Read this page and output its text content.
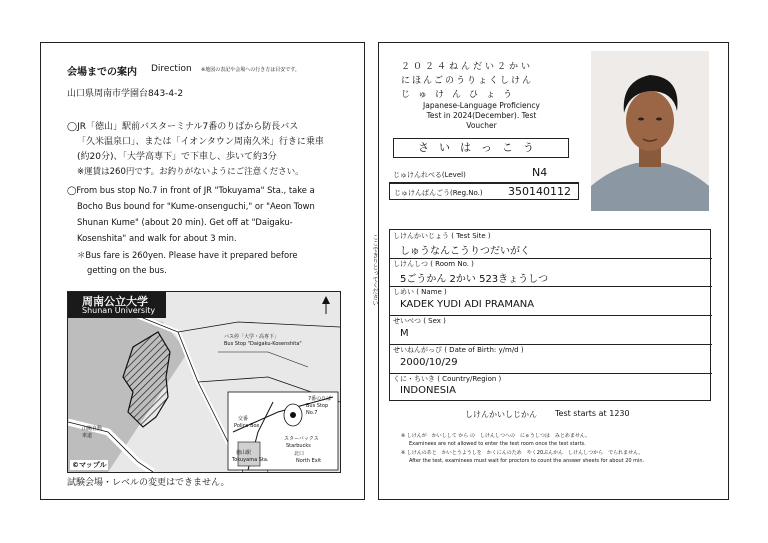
会場までの案内 Direction ※地図の表記や会場への行き方は目安です。
山口県周南市学園台843-4-2
◯JR「徳山」駅前バスターミナル7番のりばから防長バス
「久米温泉口」、または「イオンタウン周南久米」行きに乗車
(約20分)、「大学高専下」で下車し、歩いて約3分
※運賃は260円です。お釣りがないようにご注意ください。
◯From bus stop No.7 in front of JR "Tokuyama" Sta., take a
Bocho Bus bound for "Kume-onsenguchi," or "Aeon Town
Shunan Kume" (about 20 min). Get off at "Daigaku-
Kosenshita" and walk for about 3 min.
＊Bus fare is 260yen. Please have it prepared before
getting on the bus.
周南公立大学
Shunan University
バス停「大学・高専下」
Bus Stop "Daigaku-Kosenshita"
山陽自動車道
7番のりば
Bus Stop No.7
交番
Police Box
徳山駅
Tokuyama Sta.
スターバックス
Starbucks
北口
North Exit
©マップル
試験会場・レベルの変更はできません。
ここできりとってください
２０２４ねんだい２かい
にほんごのうりょくしけん
じゅけんひょう
Japanese-Language Proficiency
Test in 2024(December). Test
Voucher
さいはっこう
じゅけんれべる(Level)	N4
じゅけんばんごう(Reg.No.) 350140112
しけんかいじょう ( Test Site )
しゅうなんこうりつだいがく
しけんしつ ( Room No. )
5ごうかん 2かい 523きょうしつ
しめい ( Name )
KADEK YUDI ADI PRAMANA
せいべつ ( Sex )
M
せいねんがっぴ ( Date of Birth: y/m/d )
2000/10/29
くに・ちいき ( Country/Region )
INDONESIA
しけんかいしじかん Test starts at 1230
※ しけんが　かいしして から の　しけんしつへの　にゅうしつは　みとめません。
Examinees are not allowed to enter the test room once the test starts.
※ しけんのあと　かいとうようしを　かくにんのため　やく20ぷんかん　しけんしつから　でられません。
After the test, examinees must wait for proctors to count the answer sheets for about 20 min.
